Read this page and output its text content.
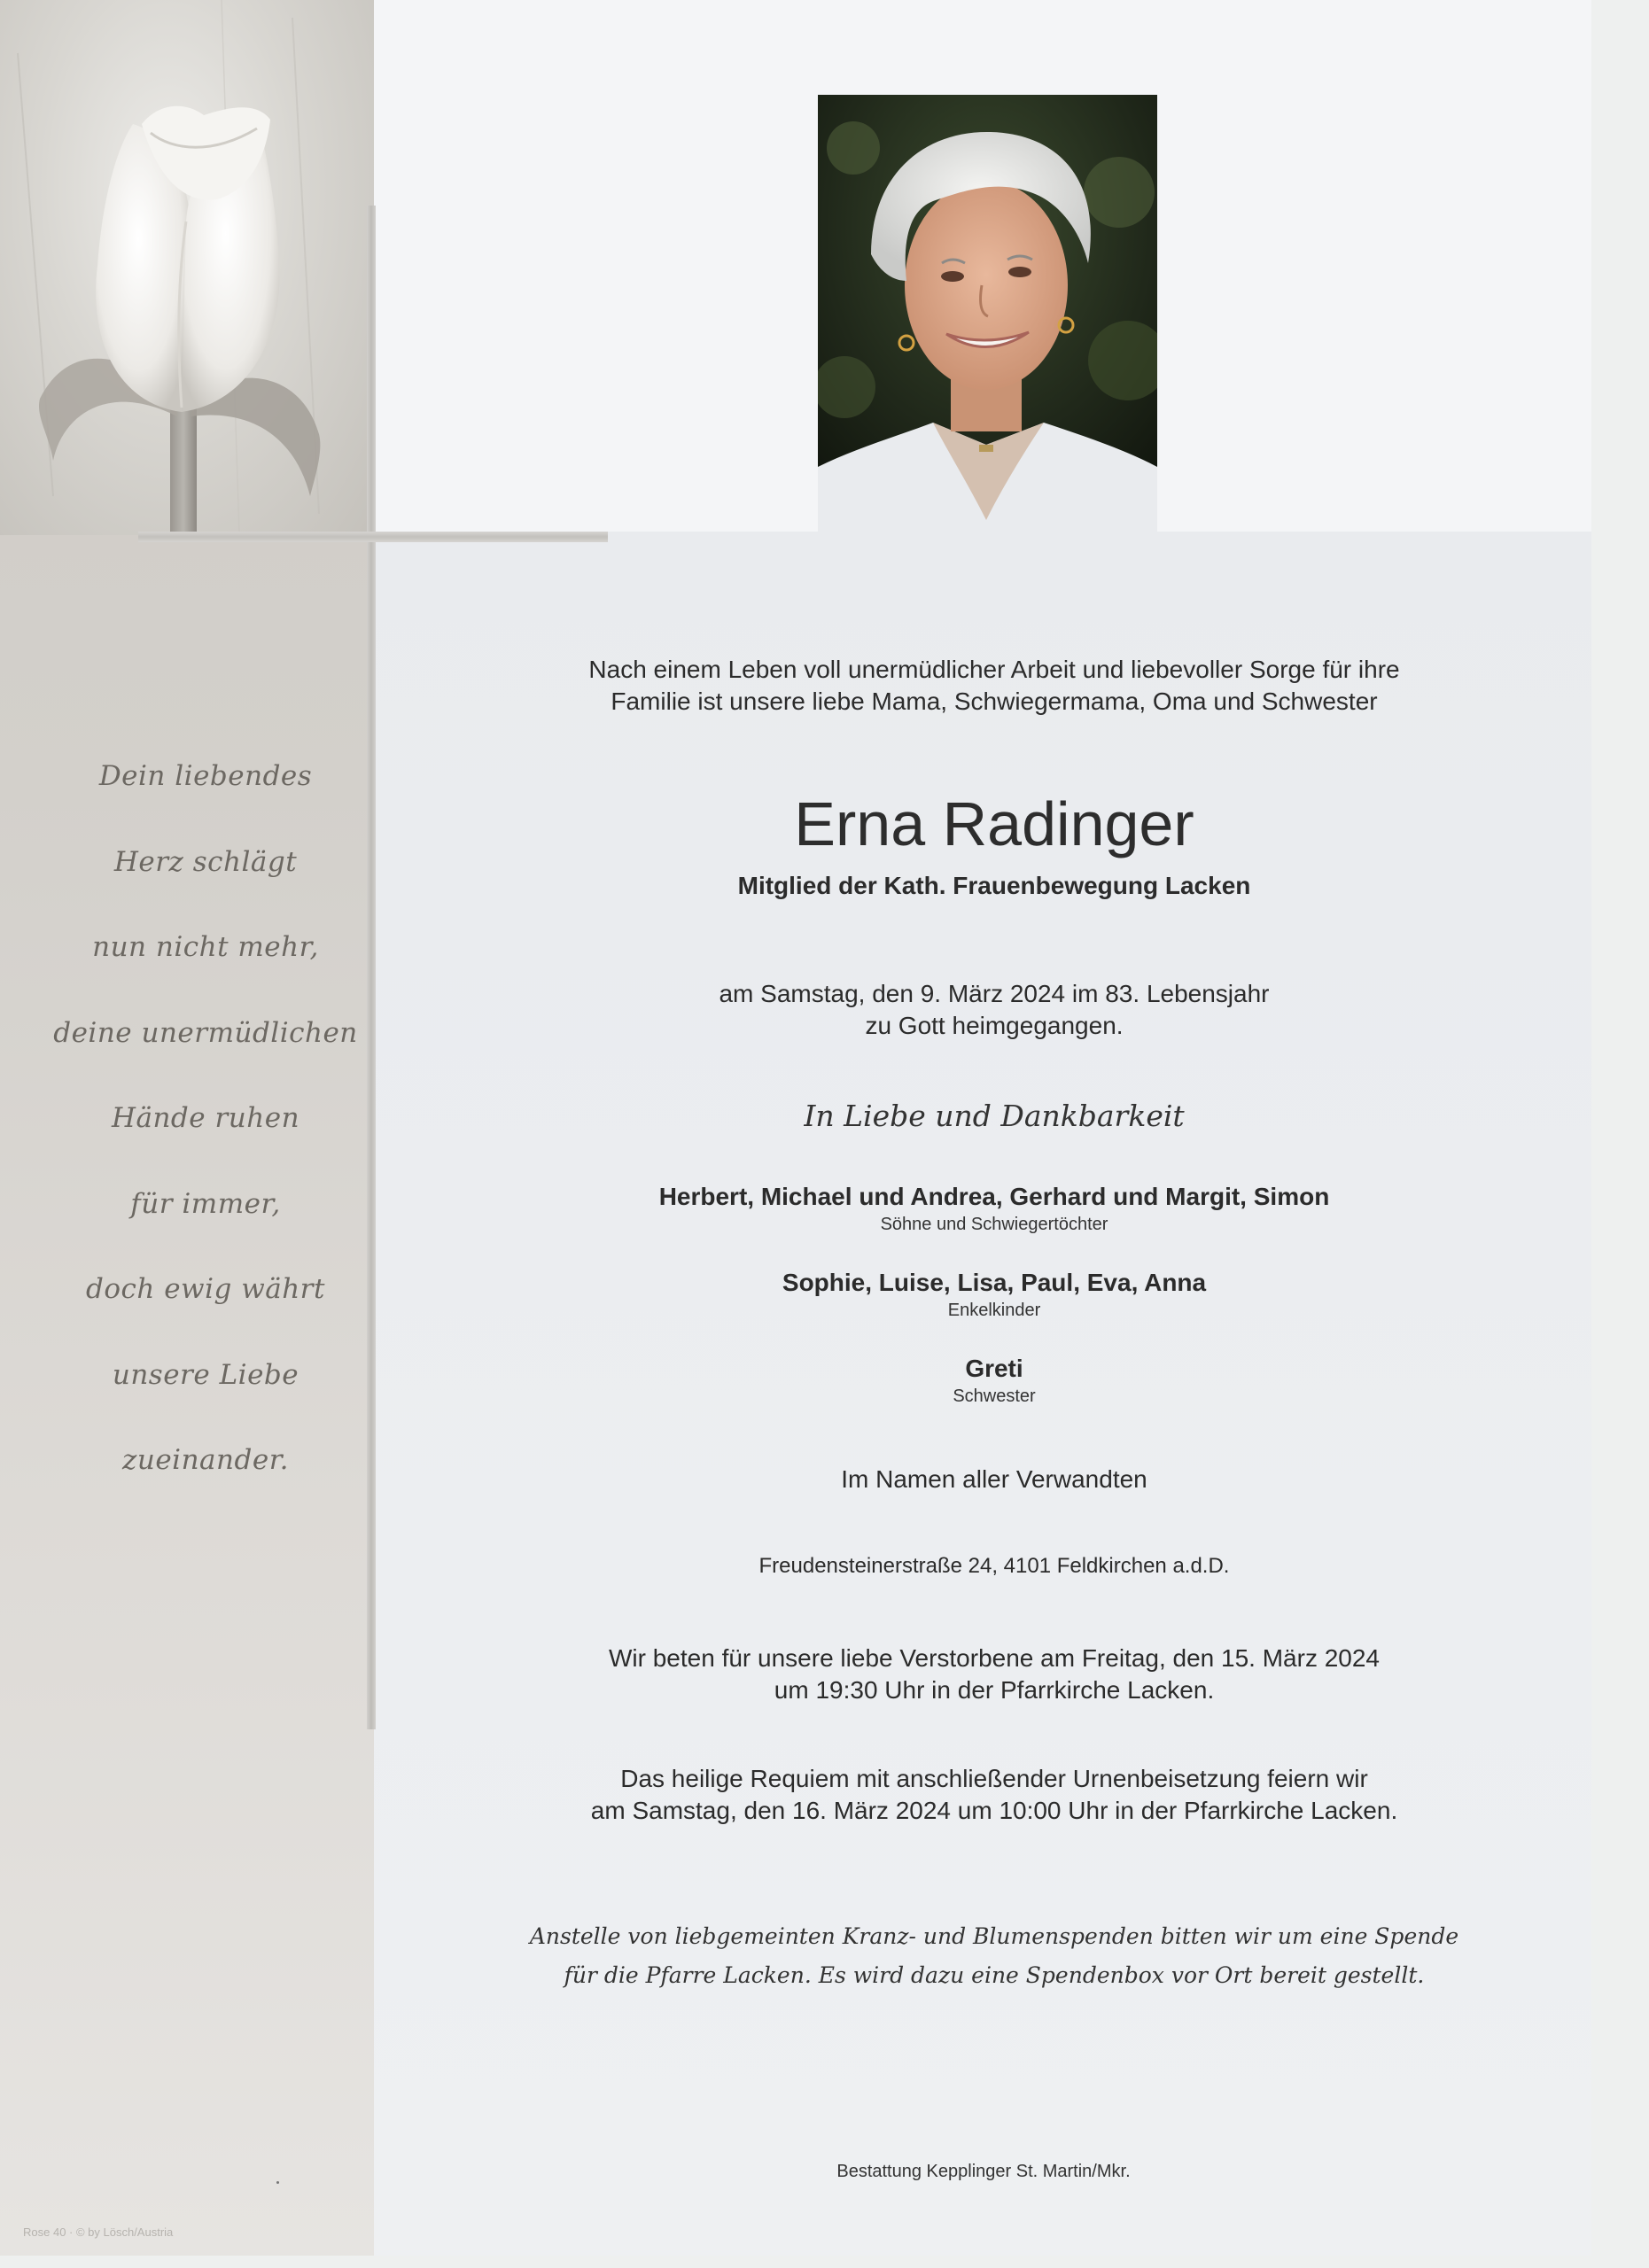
Dein liebendes
Herz schlägt
nun nicht mehr,
deine unermüdlichen
Hände ruhen
für immer,
doch ewig währt
unsere Liebe
zueinander.
Rose 40 · © by Lösch/Austria
Nach einem Leben voll unermüdlicher Arbeit und liebevoller Sorge für ihre
Familie ist unsere liebe Mama, Schwiegermama, Oma und Schwester
Erna Radinger
Mitglied der Kath. Frauenbewegung Lacken
am Samstag, den 9. März 2024 im 83. Lebensjahr
zu Gott heimgegangen.
In Liebe und Dankbarkeit
Herbert, Michael und Andrea, Gerhard und Margit, Simon
Söhne und Schwiegertöchter
Sophie, Luise, Lisa, Paul, Eva, Anna
Enkelkinder
Greti
Schwester
Im Namen aller Verwandten
Freudensteinerstraße 24, 4101 Feldkirchen a.d.D.
Wir beten für unsere liebe Verstorbene am Freitag, den 15. März 2024
um 19:30 Uhr in der Pfarrkirche Lacken.
Das heilige Requiem mit anschließender Urnenbeisetzung feiern wir
am Samstag, den 16. März 2024 um 10:00 Uhr in der Pfarrkirche Lacken.
Anstelle von liebgemeinten Kranz- und Blumenspenden bitten wir um eine Spende
für die Pfarre Lacken. Es wird dazu eine Spendenbox vor Ort bereit gestellt.
Bestattung Kepplinger St. Martin/Mkr.
